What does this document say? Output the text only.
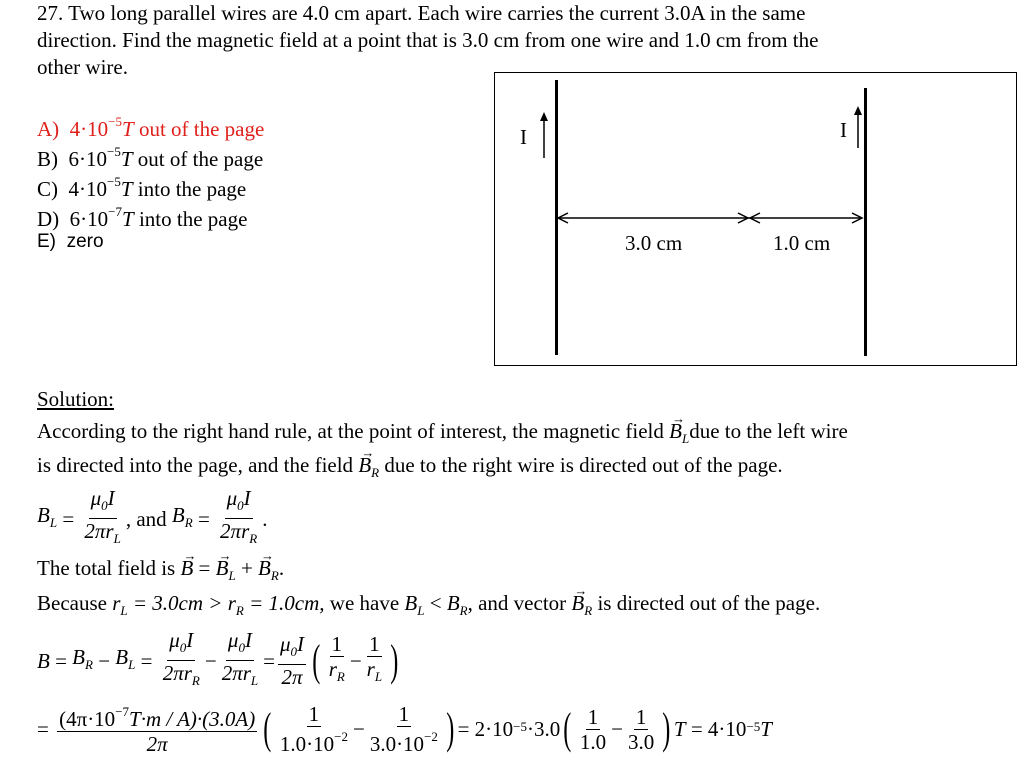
27. Two long parallel wires are 4.0 cm apart. Each wire carries the current 3.0A in the same
direction. Find the magnetic field at a point that is 3.0 cm from one wire and 1.0 cm from the
other wire.
A) $4\cdot 10^{-5}T$ out of the page
B) $6\cdot 10^{-5}T$ out of the page
C) $4\cdot 10^{-5}T$ into the page
D) $6\cdot 10^{-7}T$ into the page
E) zero
I	I
3.0 cm	1.0 cm
Solution:
According to the right hand rule, at the point of interest, the magnetic field → $B_Ldue$ to the left wire
is directed into the page, and the field → $B_R$ due to the right wire is directed out of the page.
$B_L = \frac{\mu_0I}{2\pi r_L}$ , and
$B_R = \frac{\mu_0I}{2\pi r_R}$ .
The total field is → B = → $B_L$ + → $B_R$.
Because $r_L = 3.0cm > r_R = 1.0cm$, we have $B_L < B_R$, and vector → $B_R$ is directed out of the page.
$B = B_R - B_L = \frac{\mu_0I}{2\pi r_R} - \frac{\mu_0I}{2\pi r_L} = \frac{\mu_0I}{2\pi}$ ( $\frac{1}{r_R} - \frac{1}{r_L}$ )
= $\frac{(4\pi\cdot 10^{-7}T\cdot m / A)\cdot(3.0A)}{2\pi}$ ( $\frac{1}{1.0\cdot 10^{-2}} - \frac{1}{3.0\cdot 10^{-2}}$ ) = $2\cdot 10^{-5} \cdot 3.0$ ( $\frac{1}{1.0} - \frac{1}{3.0}$ ) T
= $4\cdot 10^{-5}$ T
